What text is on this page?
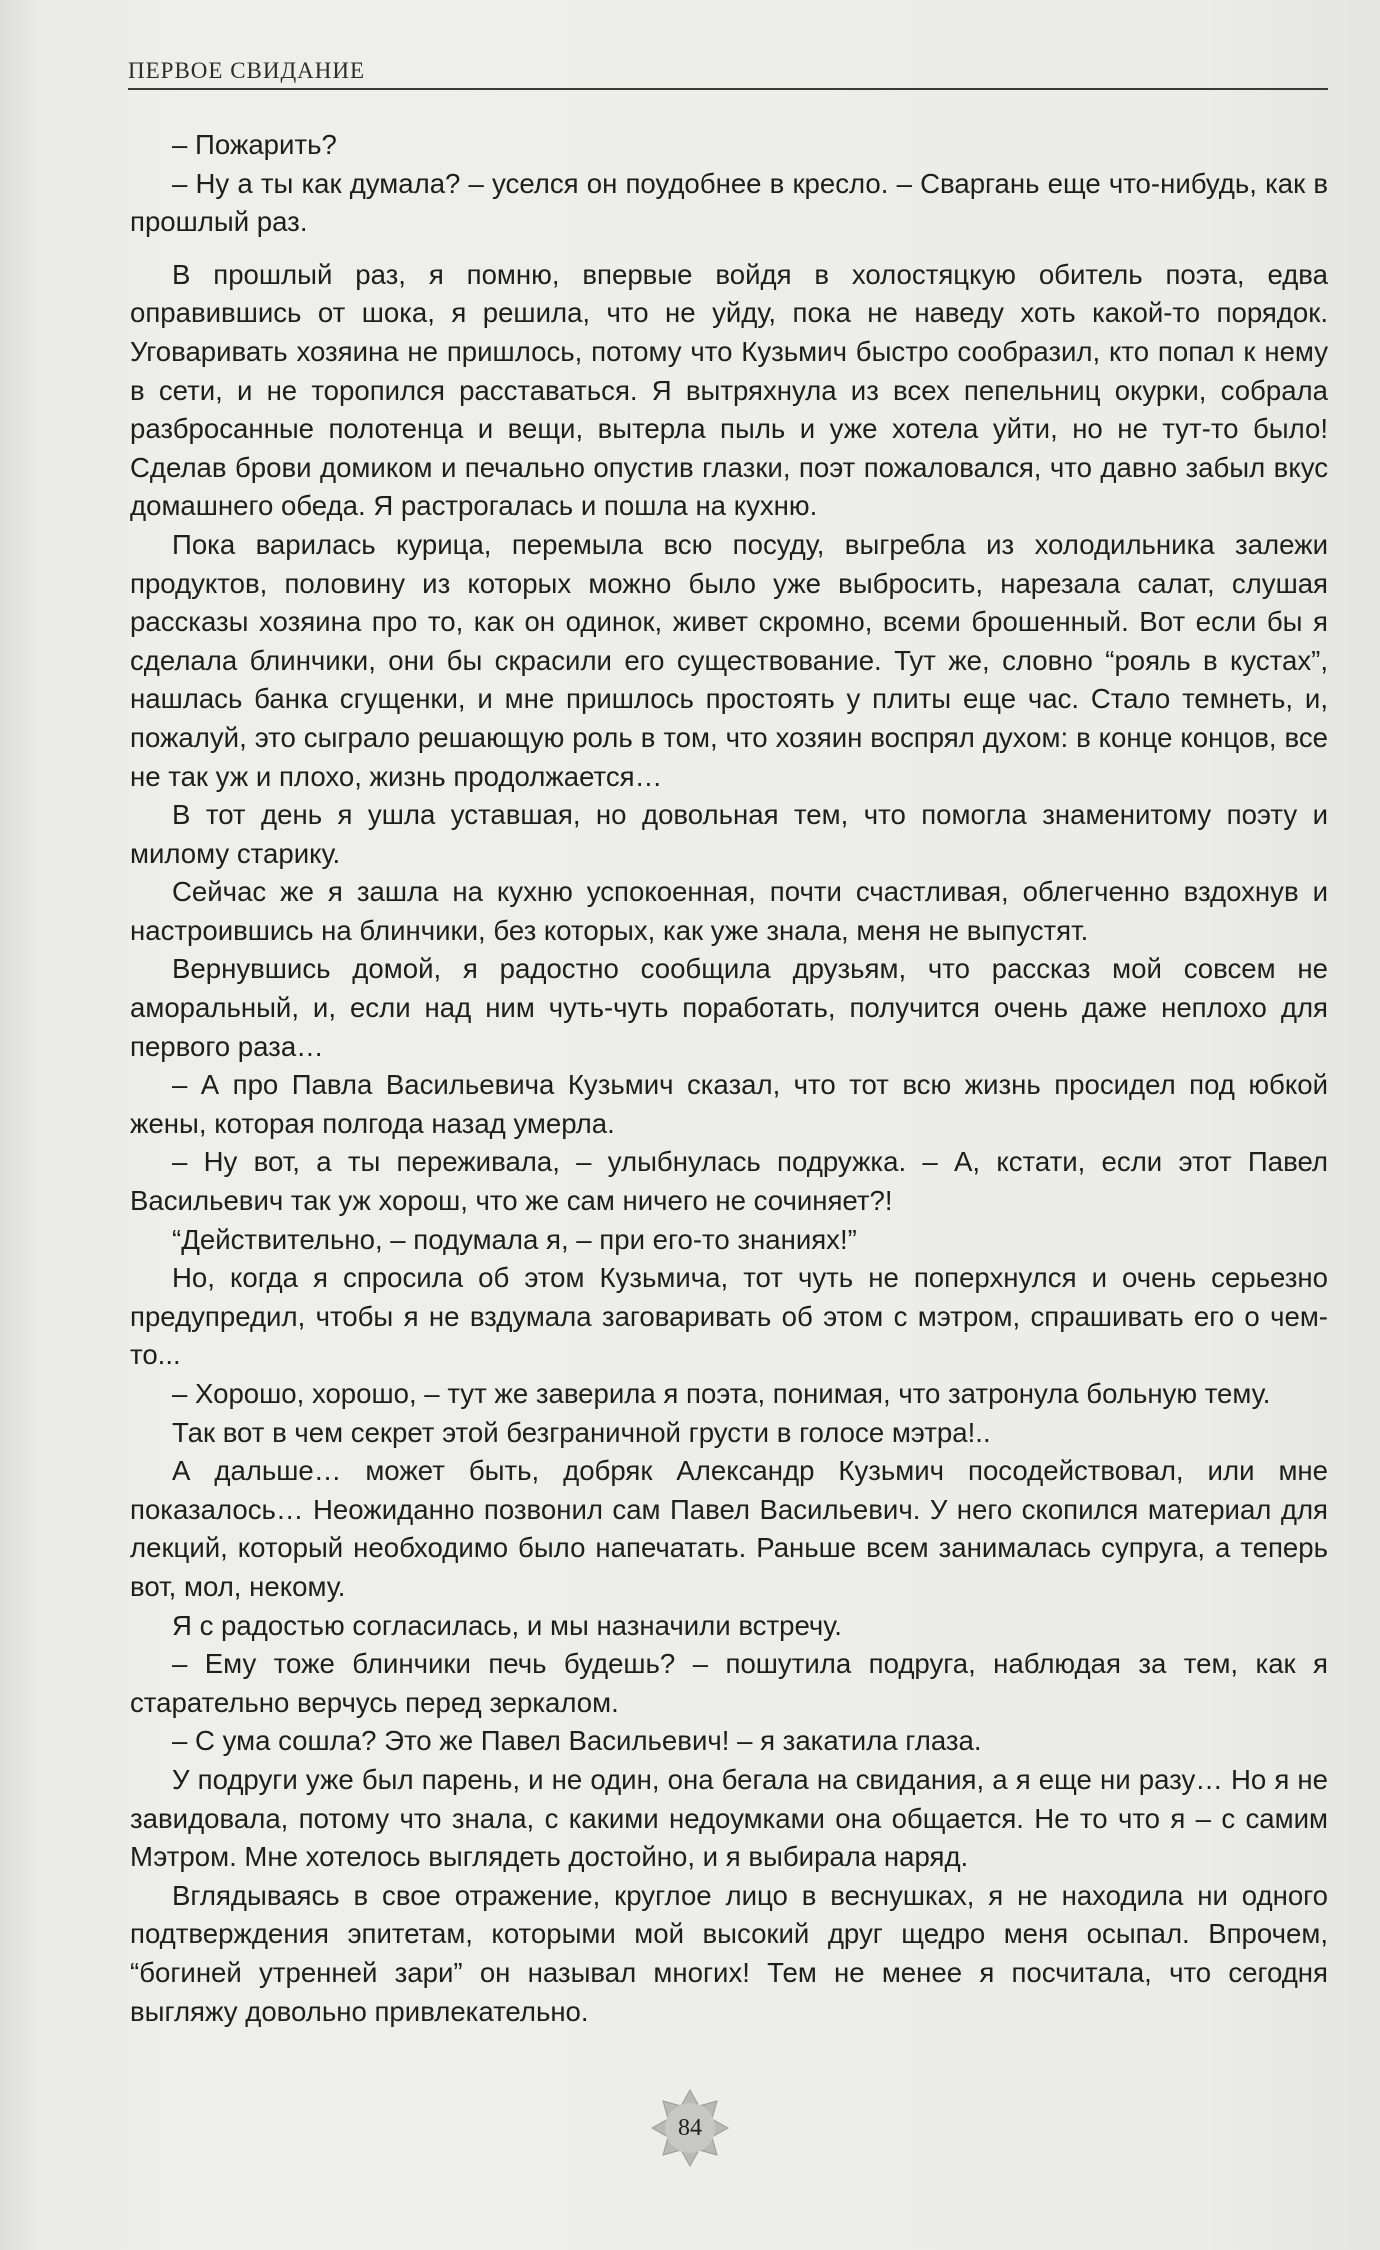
ПЕРВОЕ СВИДАНИЕ

– Пожарить?

– Ну а ты как думала? – уселся он поудобнее в кресло. – Сваргань еще что-нибудь, как в прошлый раз.

В прошлый раз, я помню, впервые войдя в холостяцкую обитель поэта, едва оправившись от шока, я решила, что не уйду, пока не наведу хоть какой-то порядок. Уговаривать хозяина не пришлось, потому что Кузьмич быстро сообразил, кто попал к нему в сети, и не торопился расставаться. Я вытряхнула из всех пепельниц окурки, собрала разбросанные полотенца и вещи, вытерла пыль и уже хотела уйти, но не тут-то было! Сделав брови домиком и печально опустив глазки, поэт пожаловался, что давно забыл вкус домашнего обеда. Я растрогалась и пошла на кухню.

Пока варилась курица, перемыла всю посуду, выгребла из холодильника залежи продуктов, половину из которых можно было уже выбросить, нарезала салат, слушая рассказы хозяина про то, как он одинок, живет скромно, всеми брошенный. Вот если бы я сделала блинчики, они бы скрасили его существование. Тут же, словно “рояль в кустах”, нашлась банка сгущенки, и мне пришлось простоять у плиты еще час. Стало темнеть, и, пожалуй, это сыграло решающую роль в том, что хозяин воспрял духом: в конце концов, все не так уж и плохо, жизнь продолжается…

В тот день я ушла уставшая, но довольная тем, что помогла знаменитому поэту и милому старику.

Сейчас же я зашла на кухню успокоенная, почти счастливая, облегченно вздохнув и настроившись на блинчики, без которых, как уже знала, меня не выпустят.

Вернувшись домой, я радостно сообщила друзьям, что рассказ мой совсем не аморальный, и, если над ним чуть-чуть поработать, получится очень даже неплохо для первого раза…

– А про Павла Васильевича Кузьмич сказал, что тот всю жизнь просидел под юбкой жены, которая полгода назад умерла.

– Ну вот, а ты переживала, – улыбнулась подружка. – А, кстати, если этот Павел Васильевич так уж хорош, что же сам ничего не сочиняет?!

“Действительно, – подумала я, – при его-то знаниях!”

Но, когда я спросила об этом Кузьмича, тот чуть не поперхнулся и очень серьезно предупредил, чтобы я не вздумала заговаривать об этом с мэтром, спрашивать его о чем-то...

– Хорошо, хорошо, – тут же заверила я поэта, понимая, что затронула больную тему.

Так вот в чем секрет этой безграничной грусти в голосе мэтра!..

А дальше… может быть, добряк Александр Кузьмич посодействовал, или мне показалось… Неожиданно позвонил сам Павел Васильевич. У него скопился материал для лекций, который необходимо было напечатать. Раньше всем занималась супруга, а теперь вот, мол, некому.

Я с радостью согласилась, и мы назначили встречу.

– Ему тоже блинчики печь будешь? – пошутила подруга, наблюдая за тем, как я старательно верчусь перед зеркалом.

– С ума сошла? Это же Павел Васильевич! – я закатила глаза.

У подруги уже был парень, и не один, она бегала на свидания, а я еще ни разу… Но я не завидовала, потому что знала, с какими недоумками она общается. Не то что я – с самим Мэтром. Мне хотелось выглядеть достойно, и я выбирала наряд.

Вглядываясь в свое отражение, круглое лицо в веснушках, я не находила ни одного подтверждения эпитетам, которыми мой высокий друг щедро меня осыпал. Впрочем, “богиней утренней зари” он называл многих! Тем не менее я посчитала, что сегодня выгляжу довольно привлекательно.

84
